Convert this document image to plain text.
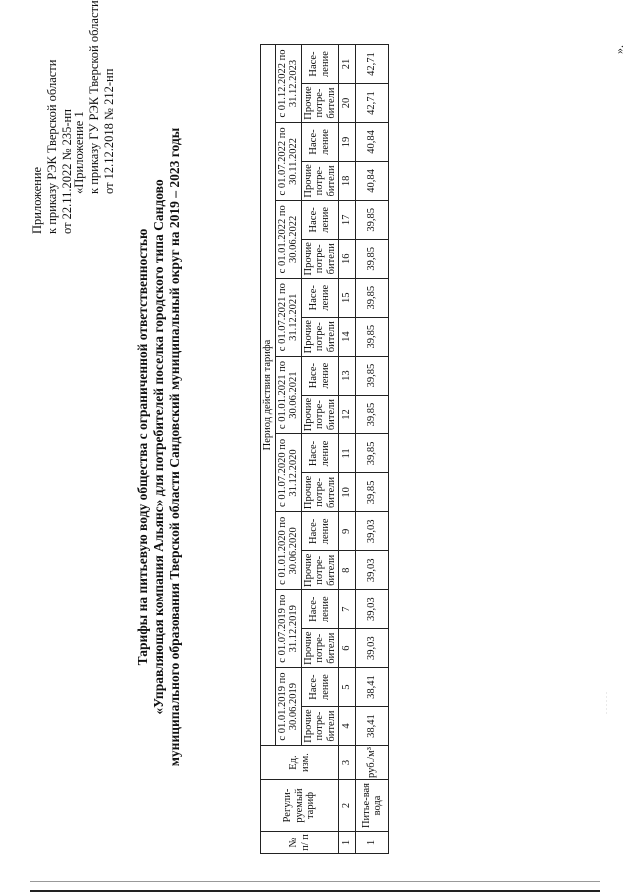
Приложение к приказу РЭК Тверской области от 22.11.2022 № 235-нп
«Приложение 1 к приказу ГУ РЭК Тверской области от 12.12.2018 № 212-нп
Тарифы на питьевую воду общества с ограниченной ответственностью «Управляющая компания Альянс» для потребителей поселка городского типа Сандово муниципального образования Тверской области Сандовский муниципальный округ на 2019 – 2023 годы
№ п/ п	Регули-руемый тариф	Ед. изм.	Период действия тарифа																	
			с 01.01.2019 по 30.06.2019		с 01.07.2019 по 31.12.2019		с 01.01.2020 по 30.06.2020		с 01.07.2020 по 31.12.2020		с 01.01.2021 по 30.06.2021		с 01.07.2021 по 31.12.2021		с 01.01.2022 по 30.06.2022		с 01.07.2022 по 30.11.2022		с 01.12.2022 по 31.12.2023	
			Прочие потре-бители	Насе-ление	Прочие потре-бители	Насе-ление	Прочие потре-бители	Насе-ление	Прочие потре-бители	Насе-ление	Прочие потре-бители	Насе-ление	Прочие потре-бители	Насе-ление	Прочие потре-бители	Насе-ление	Прочие потре-бители	Насе-ление	Прочие потре-бители	Насе-ление
1	2	3	4	5	6	7	8	9	10	11	12	13	14	15	16	17	18	19	20	21
1	Питье-вая вода	руб./м³	38,41	38,41	39,03	39,03	39,03	39,03	39,85	39,85	39,85	39,85	39,85	39,85	39,85	39,85	40,84	40,84	42,71	42,71
».
. . . . . .
